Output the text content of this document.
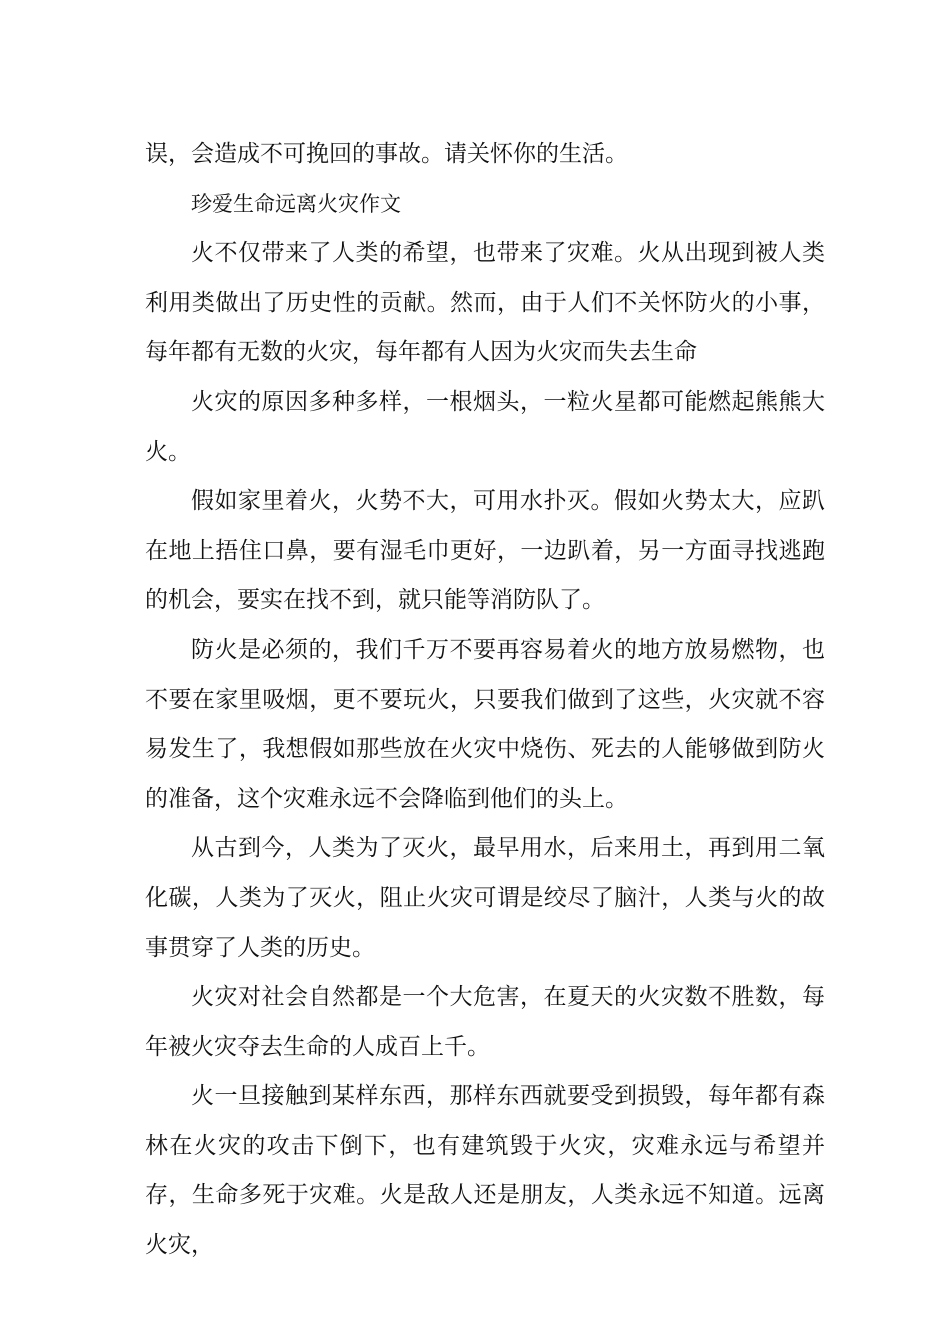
误，会造成不可挽回的事故。请关怀你的生活。

珍爱生命远离火灾作文

火不仅带来了人类的希望，也带来了灾难。火从出现到被人类利用类做出了历史性的贡献。然而，由于人们不关怀防火的小事，每年都有无数的火灾，每年都有人因为火灾而失去生命

火灾的原因多种多样，一根烟头，一粒火星都可能燃起熊熊大火。

假如家里着火，火势不大，可用水扑灭。假如火势太大，应趴在地上捂住口鼻，要有湿毛巾更好，一边趴着，另一方面寻找逃跑的机会，要实在找不到，就只能等消防队了。

防火是必须的，我们千万不要再容易着火的地方放易燃物，也不要在家里吸烟，更不要玩火，只要我们做到了这些，火灾就不容易发生了，我想假如那些放在火灾中烧伤、死去的人能够做到防火的准备，这个灾难永远不会降临到他们的头上。

从古到今，人类为了灭火，最早用水，后来用土，再到用二氧化碳，人类为了灭火，阻止火灾可谓是绞尽了脑汁，人类与火的故事贯穿了人类的历史。

火灾对社会自然都是一个大危害，在夏天的火灾数不胜数，每年被火灾夺去生命的人成百上千。

火一旦接触到某样东西，那样东西就要受到损毁，每年都有森林在火灾的攻击下倒下，也有建筑毁于火灾，灾难永远与希望并存，生命多死于灾难。火是敌人还是朋友，人类永远不知道。远离火灾，
